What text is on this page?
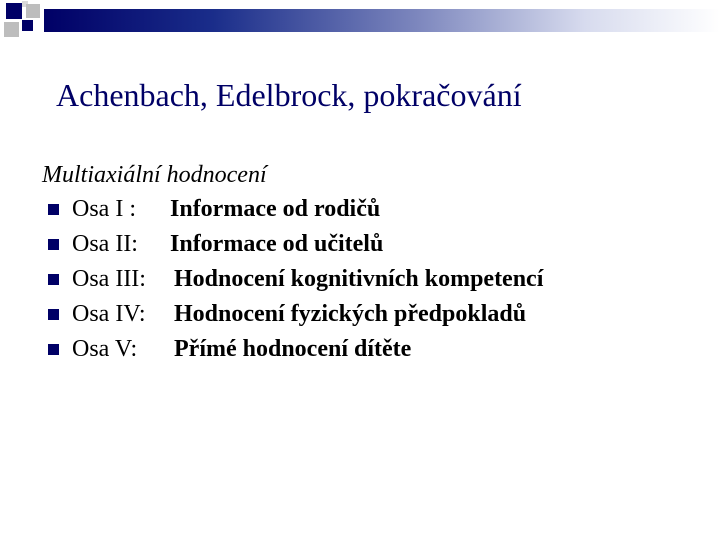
Achenbach, Edelbrock, pokračování
Multiaxiální hodnocení
Osa I : Informace od rodičů
Osa II: Informace od učitelů
Osa III: Hodnocení kognitivních kompetencí
Osa IV: Hodnocení fyzických předpokladů
Osa V: Přímé hodnocení dítěte
